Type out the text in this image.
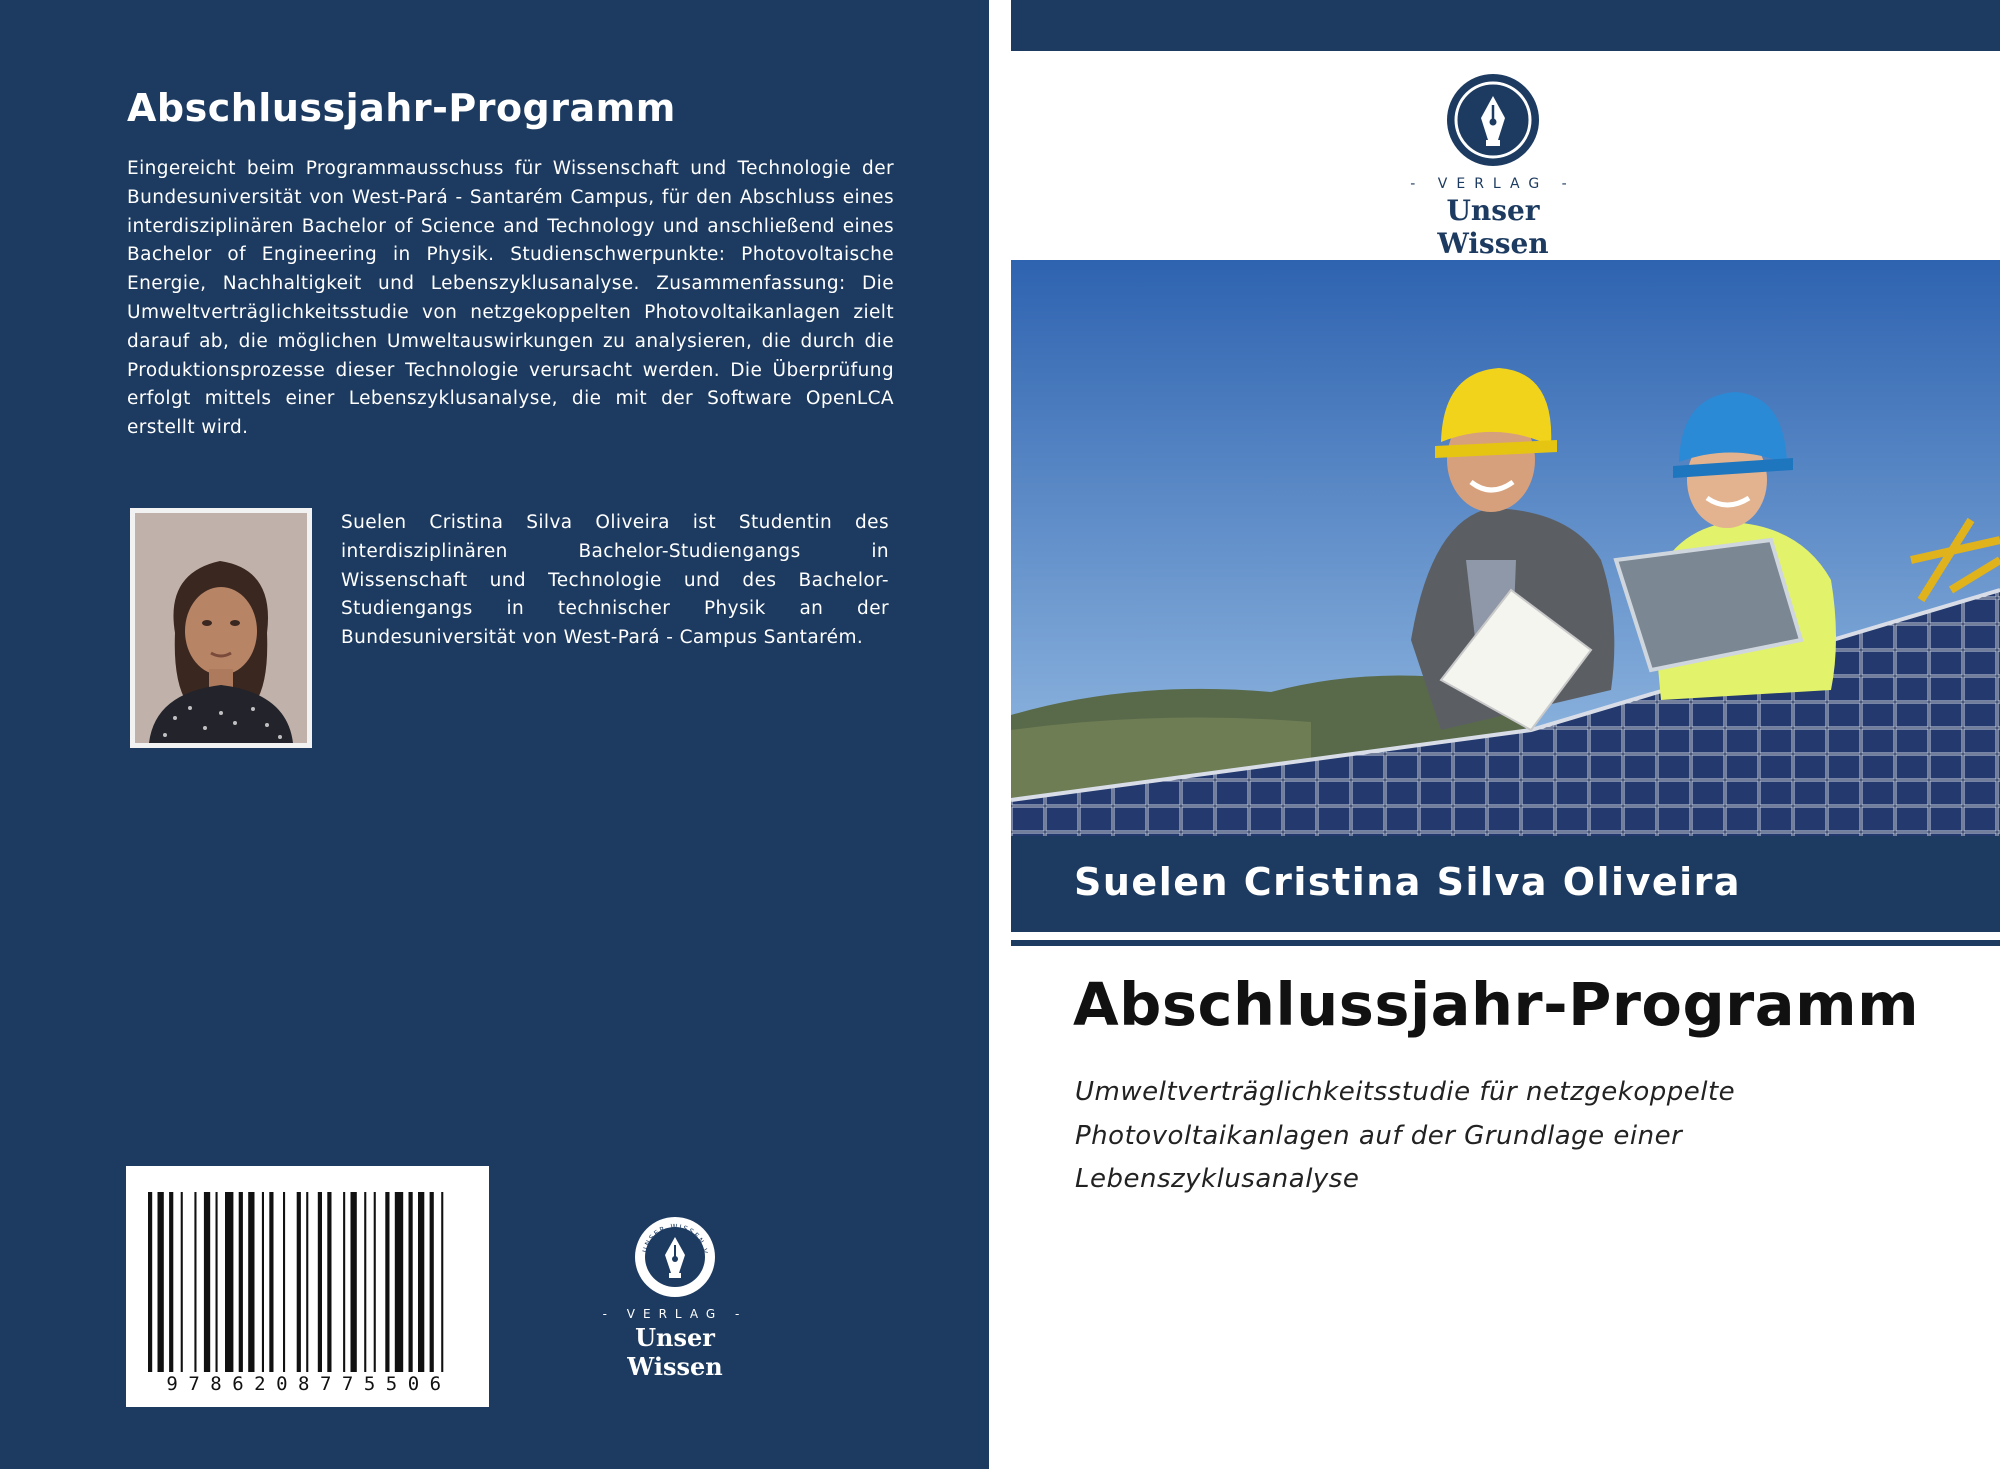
Abschlussjahr-Programm

Eingereicht beim Programmausschuss für Wissenschaft und Technologie der Bundesuniversität von West-Pará - Santarém Campus, für den Abschluss eines interdisziplinären Bachelor of Science and Technology und anschließend eines Bachelor of Engineering in Physik. Studienschwerpunkte: Photovoltaische Energie, Nachhaltigkeit und Lebenszyklusanalyse. Zusammenfassung: Die Umweltverträglichkeitsstudie von netzgekoppelten Photovoltaikanlagen zielt darauf ab, die möglichen Umweltauswirkungen zu analysieren, die durch die Produktionsprozesse dieser Technologie verursacht werden. Die Überprüfung erfolgt mittels einer Lebenszyklusanalyse, die mit der Software OpenLCA erstellt wird.

Suelen Cristina Silva Oliveira ist Studentin des interdisziplinären Bachelor-Studiengangs in Wissenschaft und Technologie und des Bachelor-Studiengangs in technischer Physik an der Bundesuniversität von West-Pará - Campus Santarém.

9786208775506
UNSER WISSEN V
- VERLAG -
Unser Wissen
- VERLAG -
Unser Wissen
Suelen Cristina Silva Oliveira
Abschlussjahr-Programm

Umweltverträglichkeitsstudie für netzgekoppelte Photovoltaikanlagen auf der Grundlage einer Lebenszyklusanalyse
